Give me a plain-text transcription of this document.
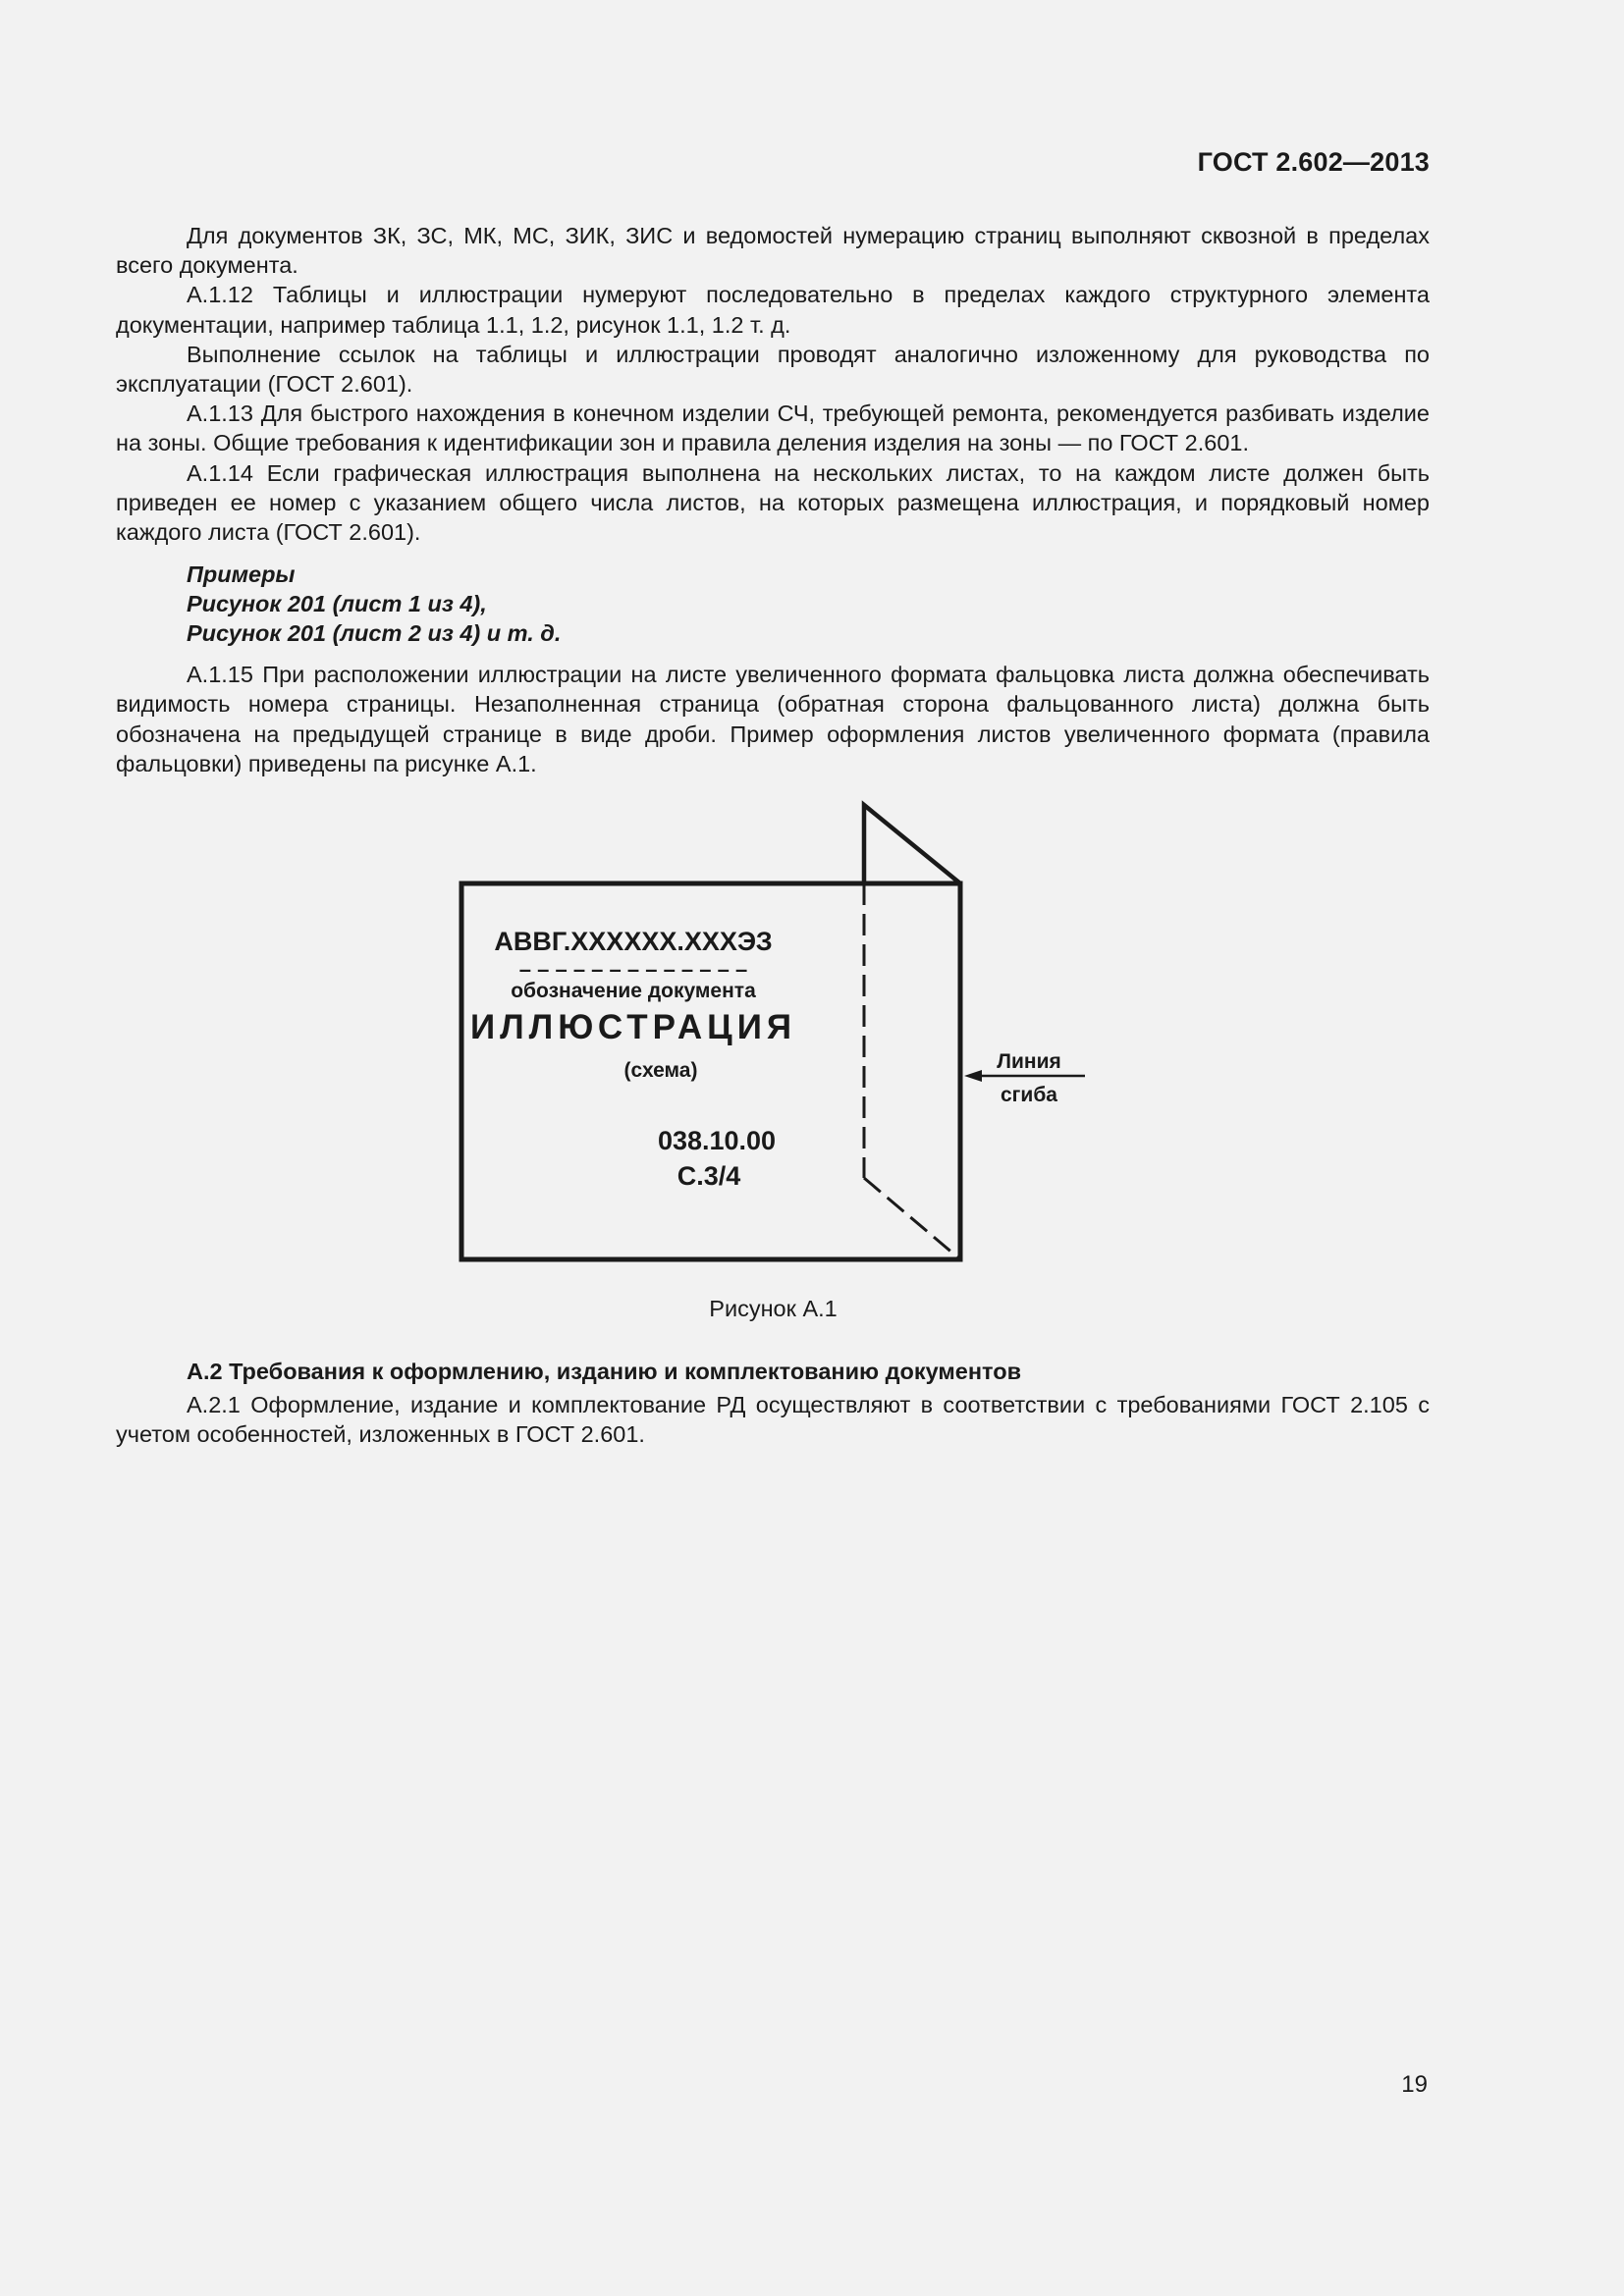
ГОСТ 2.602—2013

Для документов ЗК, ЗС, МК, МС, ЗИК, ЗИС и ведомостей нумерацию страниц выполняют сквозной в пределах всего документа.

А.1.12 Таблицы и иллюстрации нумеруют последовательно в пределах каждого структурного элемента документации, например таблица 1.1, 1.2, рисунок 1.1, 1.2 т. д.

Выполнение ссылок на таблицы и иллюстрации проводят аналогично изложенному для руководства по эксплуатации (ГОСТ 2.601).

А.1.13 Для быстрого нахождения в конечном изделии СЧ, требующей ремонта, рекомендуется разбивать изделие на зоны. Общие требования к идентификации зон и правила деления изделия на зоны — по ГОСТ 2.601.

А.1.14 Если графическая иллюстрация выполнена на нескольких листах, то на каждом листе должен быть приведен ее номер с указанием общего числа листов, на которых размещена иллюстрация, и порядковый номер каждого листа (ГОСТ 2.601).

Примеры
Рисунок 201 (лист 1 из 4),
Рисунок 201 (лист 2 из 4) и т. д.

А.1.15 При расположении иллюстрации на листе увеличенного формата фальцовка листа должна обеспечивать видимость номера страницы. Незаполненная страница (обратная сторона фальцованного листа) должна быть обозначена на предыдущей странице в виде дроби. Пример оформления листов увеличенного формата (правила фальцовки) приведены па рисунке А.1.

АВВГ.XXXXXX.XXXЭЗ
– – – – – – – – – – – – –
обозначение документа
ИЛЛЮСТРАЦИЯ
(схема)
038.10.00
С.3/4
Линия
сгиба
Рисунок А.1

А.2 Требования к оформлению, изданию и комплектованию документов

А.2.1 Оформление, издание и комплектование РД осуществляют в соответствии с требованиями ГОСТ 2.105 с учетом особенностей, изложенных в ГОСТ 2.601.

19
